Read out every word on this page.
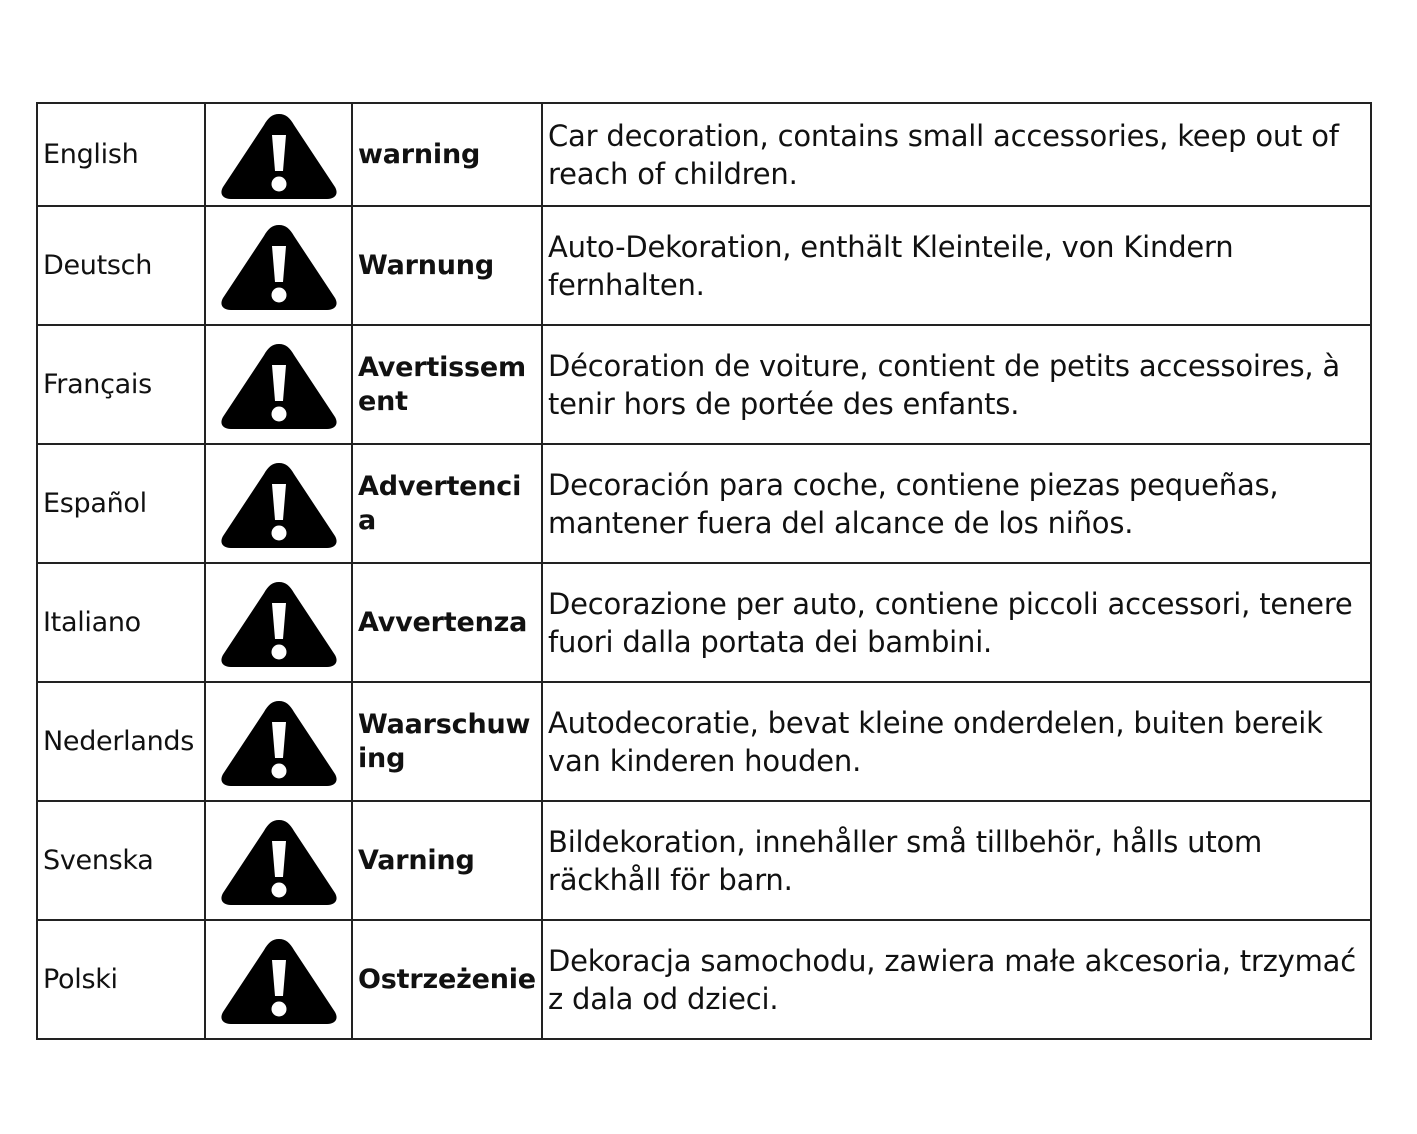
English		warning	Car decoration, contains small accessories, keep out of reach of children.
Deutsch		Warnung	Auto-Dekoration, enthält Kleinteile, von Kindern fernhalten.
Français		Avertissement	Décoration de voiture, contient de petits accessoires, à tenir hors de portée des enfants.
Español		Advertencia	Decoración para coche, contiene piezas pequeñas, mantener fuera del alcance de los niños.
Italiano		Avvertenza	Decorazione per auto, contiene piccoli accessori, tenere fuori dalla portata dei bambini.
Nederlands		Waarschuwing	Autodecoratie, bevat kleine onderdelen, buiten bereik van kinderen houden.
Svenska		Varning	Bildekoration, innehåller små tillbehör, hålls utom räckhåll för barn.
Polski		Ostrzeżenie	Dekoracja samochodu, zawiera małe akcesoria, trzymać z dala od dzieci.
